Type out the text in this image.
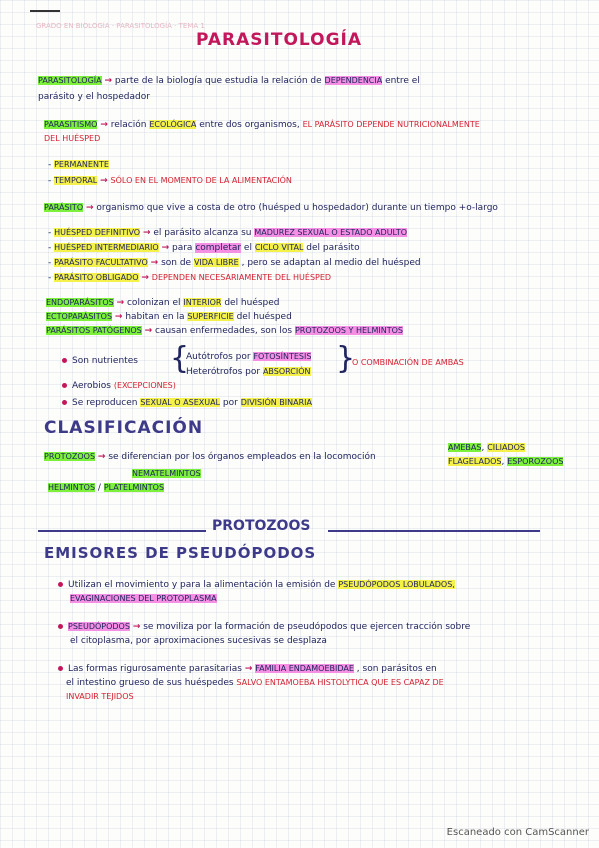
GRADO EN BIOLOGÍA · PARASITOLOGÍA · TEMA 1
PARASITOLOGÍA
PARASITOLOGÍA → parte de la biología que estudia la relación de DEPENDENCIA entre el
parásito y el hospedador
PARASITISMO → relación ECOLÓGICA entre dos organismos, EL PARÁSITO DEPENDE NUTRICIONALMENTE
DEL HUÉSPED
- PERMANENTE
- TEMPORAL → SÓLO EN EL MOMENTO DE LA ALIMENTACIÓN
PARÁSITO → organismo que vive a costa de otro (huésped u hospedador) durante un tiempo +o-largo
- HUÉSPED DEFINITIVO → el parásito alcanza su MADUREZ SEXUAL O ESTADO ADULTO
- HUÉSPED INTERMEDIARIO → para completar el CICLO VITAL del parásito
- PARÁSITO FACULTATIVO → son de VIDA LIBRE , pero se adaptan al medio del huésped
- PARÁSITO OBLIGADO → DEPENDEN NECESARIAMENTE DEL HUÉSPED
ENDOPARÁSITOS → colonizan el INTERIOR del huésped
ECTOPARÁSITOS → habitan en la SUPERFICIE del huésped
PARÁSITOS PATÓGENOS → causan enfermedades, son los PROTOZOOS Y HELMINTOS
Son nutrientes {
Autótrofos por FOTOSÍNTESIS
Heterótrofos por ABSORCIÓN }
O COMBINACIÓN DE AMBAS
Aerobios (EXCEPCIONES)
Se reproducen SEXUAL O ASEXUAL por DIVISIÓN BINARIA
CLASIFICACIÓN
PROTOZOOS → se diferencian por los órganos empleados en la locomoción
AMEBAS, CILIADOS
FLAGELADOS, ESPOROZOOS
NEMATELMINTOS
HELMINTOS / PLATELMINTOS
PROTOZOOS
EMISORES DE PSEUDÓPODOS
Utilizan el movimiento y para la alimentación la emisión de PSEUDÓPODOS LOBULADOS,
EVAGINACIONES DEL PROTOPLASMA
PSEUDÓPODOS → se moviliza por la formación de pseudópodos que ejercen tracción sobre
el citoplasma, por aproximaciones sucesivas se desplaza
Las formas rigurosamente parasitarias → FAMILIA ENDAMOEBIDAE , son parásitos en
el intestino grueso de sus huéspedes SALVO ENTAMOEBA HISTOLYTICA QUE ES CAPAZ DE
INVADIR TEJIDOS
Escaneado con CamScanner
